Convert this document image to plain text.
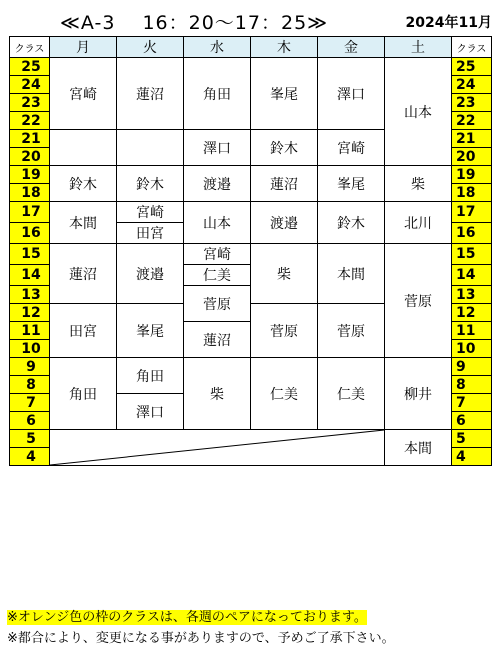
≪A-3　 16：20～17：25≫	2024年11月
クラス	月	火	水	木	金	土	クラス
25	宮崎	蓮沼	角田	峯尾	澤口	山本	25
24							24
23							23
22							22
21			澤口	鈴木	宮崎		21
20							20
19	鈴木	鈴木	渡邉	蓮沼	峯尾	柴	19
18							18
17	本間	宮崎	山本	渡邉	鈴木	北川	17
16		田宮					16
15	蓮沼	渡邉	宮崎	柴	本間	菅原	15
14			仁美				14
13			菅原				13
12	田宮	峯尾		菅原	菅原		12
11			蓮沼				11
10							10
9	角田	角田	柴	仁美	仁美	柳井	9
8							8
7		澤口					7
6							6
5						本間	5
4							4
※オレンジ色の枠のクラスは、各週のペアになっております。
※都合により、変更になる事がありますので、予めご了承下さい。
